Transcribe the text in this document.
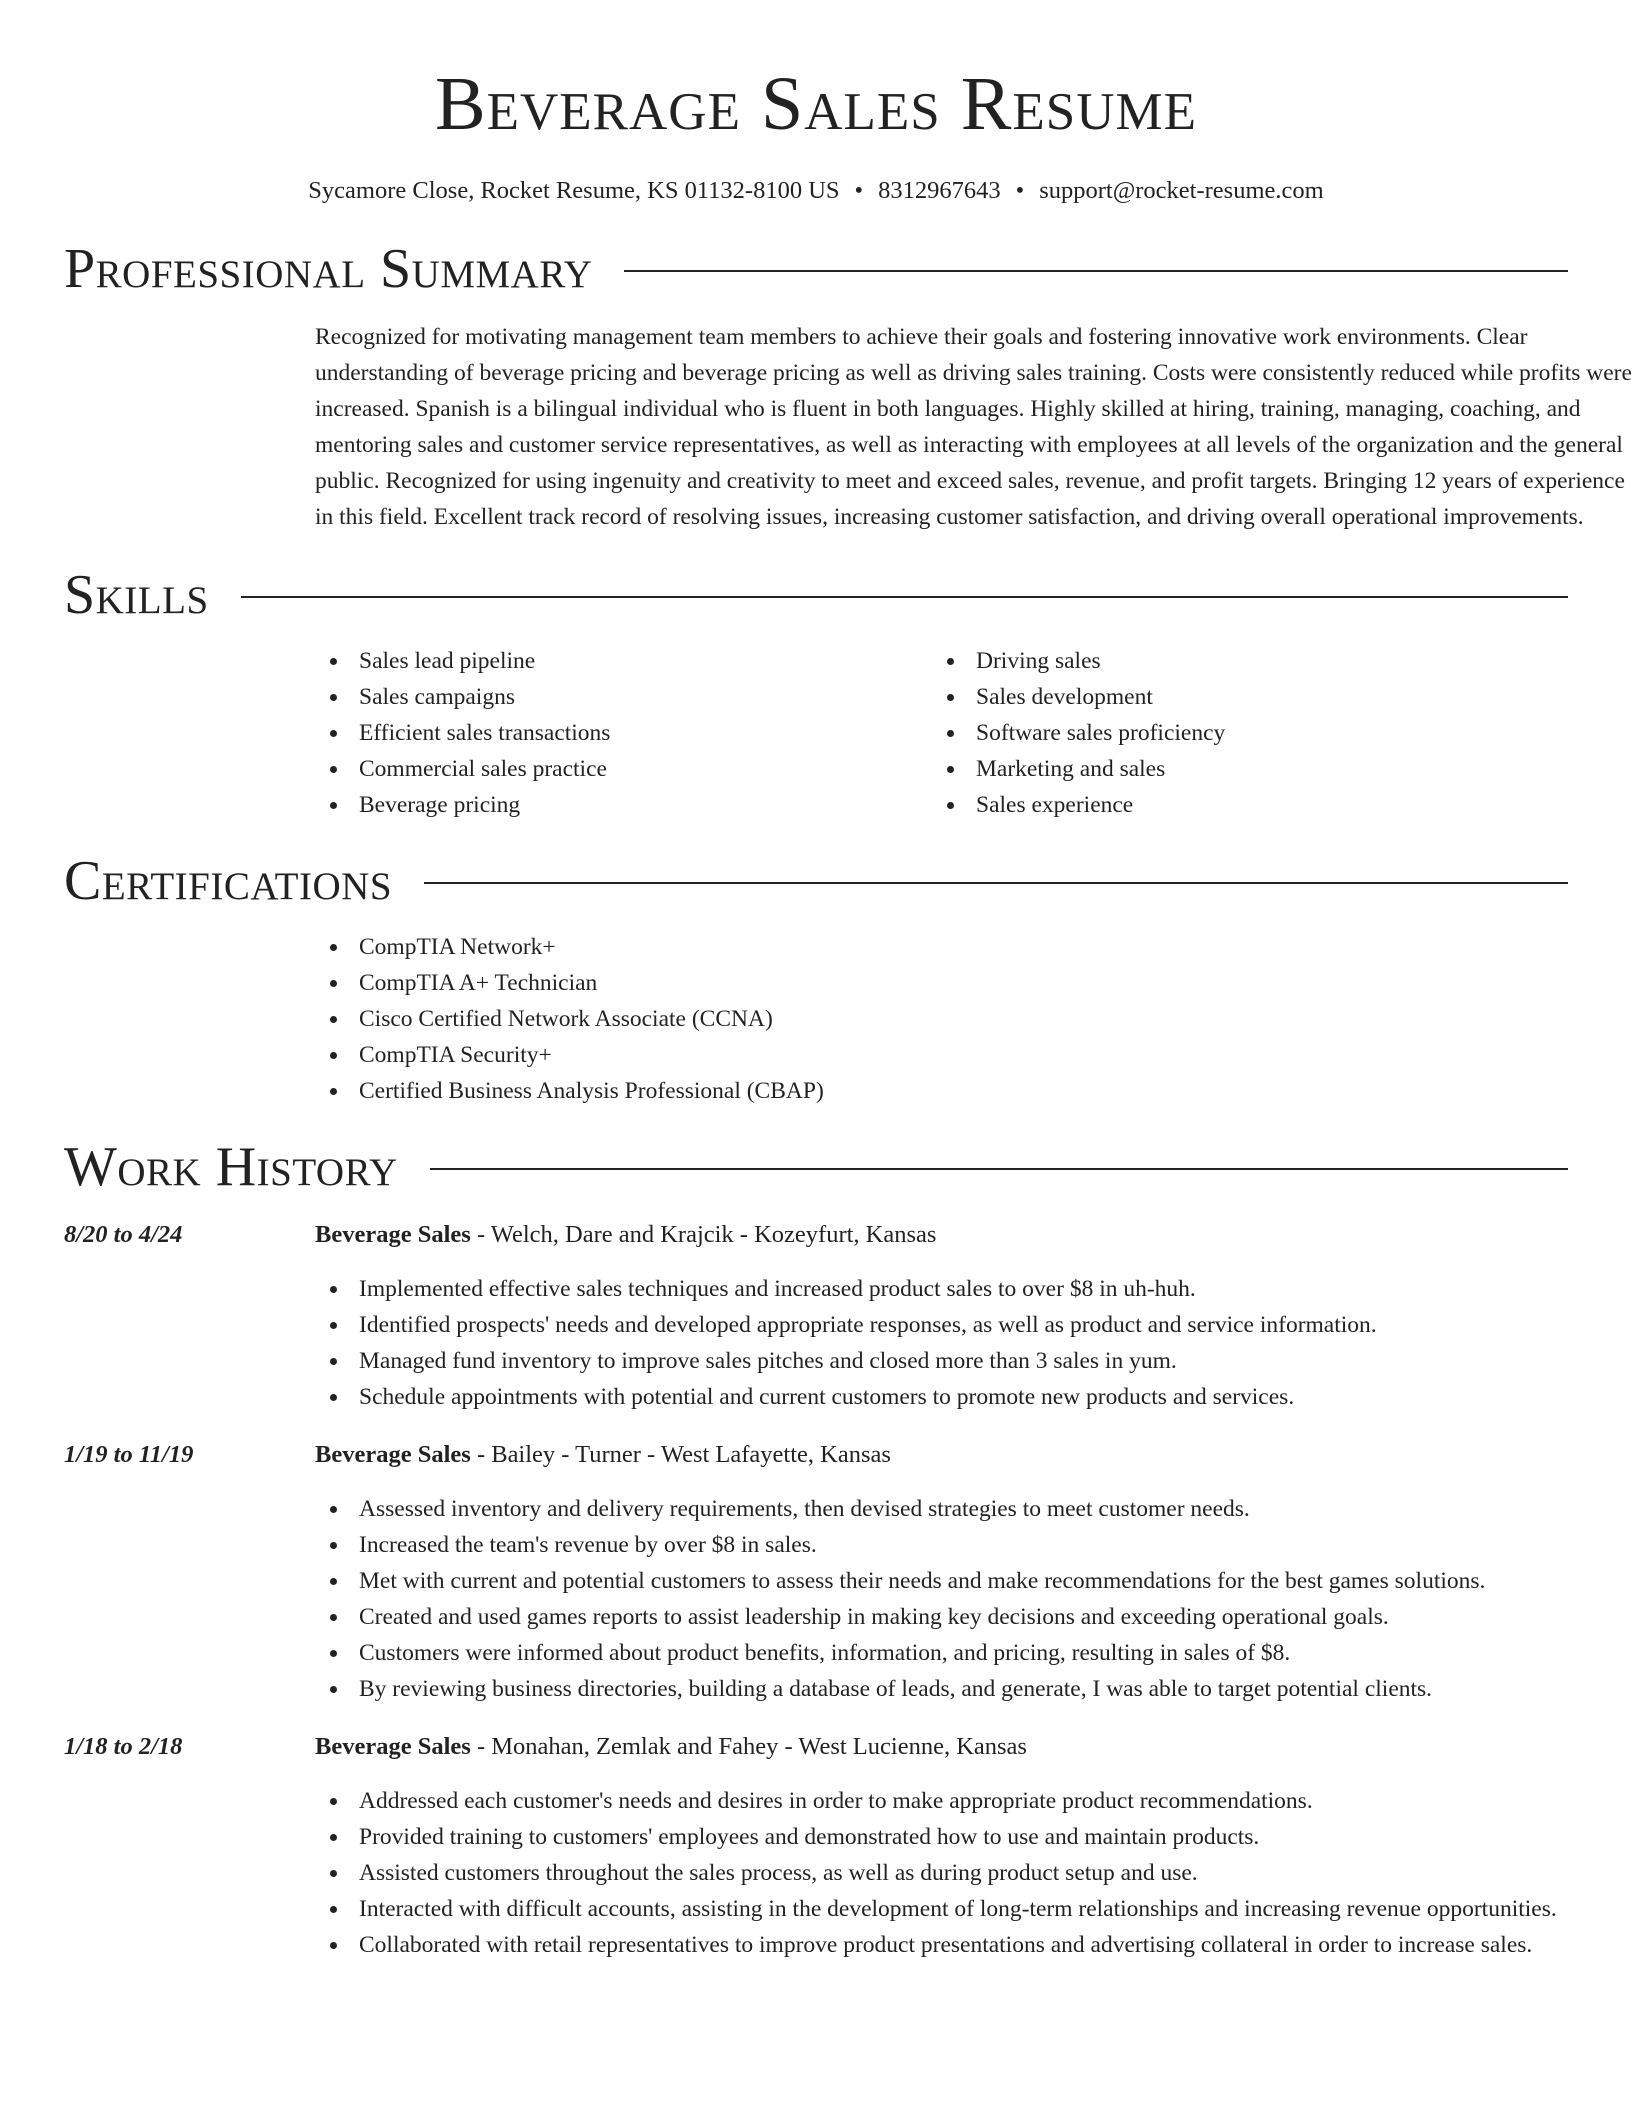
Beverage Sales Resume
Sycamore Close, Rocket Resume, KS 01132-8100 US • 8312967643 • support@rocket-resume.com
Professional Summary
Recognized for motivating management team members to achieve their goals and fostering innovative work environments. Clear understanding of beverage pricing and beverage pricing as well as driving sales training. Costs were consistently reduced while profits were increased. Spanish is a bilingual individual who is fluent in both languages. Highly skilled at hiring, training, managing, coaching, and mentoring sales and customer service representatives, as well as interacting with employees at all levels of the organization and the general public. Recognized for using ingenuity and creativity to meet and exceed sales, revenue, and profit targets. Bringing 12 years of experience in this field. Excellent track record of resolving issues, increasing customer satisfaction, and driving overall operational improvements.
Skills
Sales lead pipeline
Sales campaigns
Efficient sales transactions
Commercial sales practice
Beverage pricing
Driving sales
Sales development
Software sales proficiency
Marketing and sales
Sales experience
Certifications
CompTIA Network+
CompTIA A+ Technician
Cisco Certified Network Associate (CCNA)
CompTIA Security+
Certified Business Analysis Professional (CBAP)
Work History
8/20 to 4/24	Beverage Sales - Welch, Dare and Krajcik - Kozeyfurt, Kansas
Implemented effective sales techniques and increased product sales to over $8 in uh-huh.
Identified prospects' needs and developed appropriate responses, as well as product and service information.
Managed fund inventory to improve sales pitches and closed more than 3 sales in yum.
Schedule appointments with potential and current customers to promote new products and services.
1/19 to 11/19	Beverage Sales - Bailey - Turner - West Lafayette, Kansas
Assessed inventory and delivery requirements, then devised strategies to meet customer needs.
Increased the team's revenue by over $8 in sales.
Met with current and potential customers to assess their needs and make recommendations for the best games solutions.
Created and used games reports to assist leadership in making key decisions and exceeding operational goals.
Customers were informed about product benefits, information, and pricing, resulting in sales of $8.
By reviewing business directories, building a database of leads, and generate, I was able to target potential clients.
1/18 to 2/18	Beverage Sales - Monahan, Zemlak and Fahey - West Lucienne, Kansas
Addressed each customer's needs and desires in order to make appropriate product recommendations.
Provided training to customers' employees and demonstrated how to use and maintain products.
Assisted customers throughout the sales process, as well as during product setup and use.
Interacted with difficult accounts, assisting in the development of long-term relationships and increasing revenue opportunities.
Collaborated with retail representatives to improve product presentations and advertising collateral in order to increase sales.
